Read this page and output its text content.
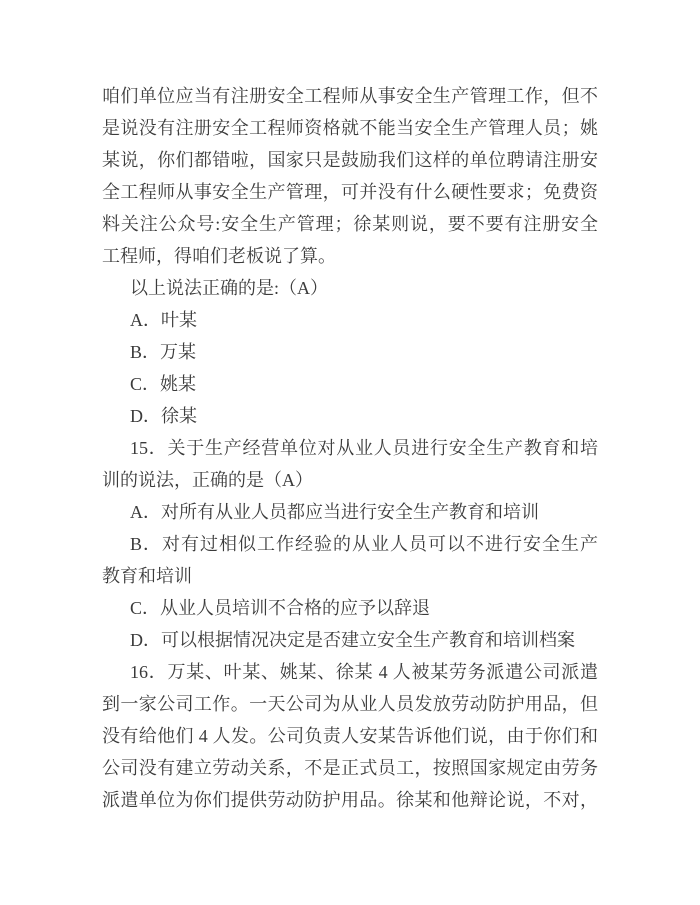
咱们单位应当有注册安全工程师从事安全生产管理工作，但不
是说没有注册安全工程师资格就不能当安全生产管理人员；姚
某说，你们都错啦，国家只是鼓励我们这样的单位聘请注册安
全工程师从事安全生产管理，可并没有什么硬性要求；免费资
料关注公众号:安全生产管理；徐某则说，要不要有注册安全
工程师，得咱们老板说了算。
以上说法正确的是:（A）
A．叶某
B．万某
C．姚某
D．徐某
15．关于生产经营单位对从业人员进行安全生产教育和培
训的说法，正确的是（A）
A．对所有从业人员都应当进行安全生产教育和培训
B．对有过相似工作经验的从业人员可以不进行安全生产
教育和培训
C．从业人员培训不合格的应予以辞退
D．可以根据情况决定是否建立安全生产教育和培训档案
16．万某、叶某、姚某、徐某 4 人被某劳务派遣公司派遣
到一家公司工作。一天公司为从业人员发放劳动防护用品，但
没有给他们 4 人发。公司负责人安某告诉他们说，由于你们和
公司没有建立劳动关系，不是正式员工，按照国家规定由劳务
派遣单位为你们提供劳动防护用品。徐某和他辩论说，不对，
